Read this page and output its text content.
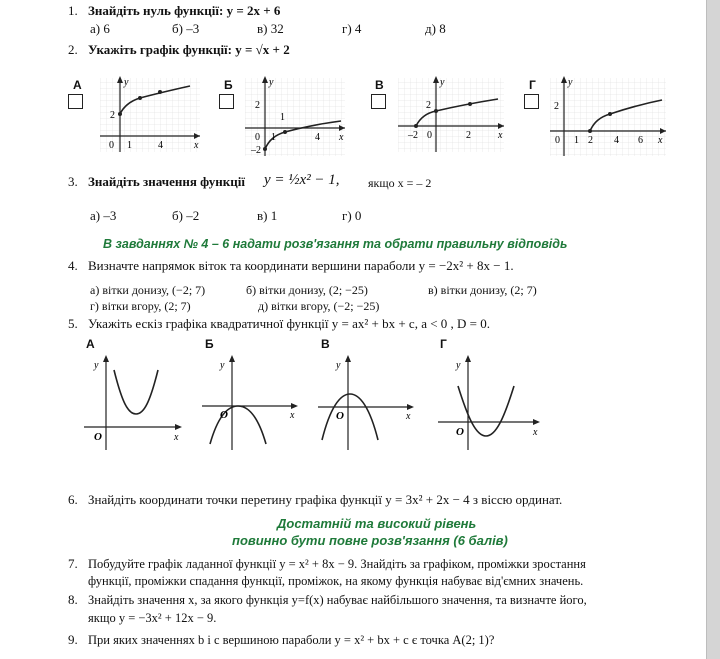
1. Знайдіть нуль функції: y = 2x + 6
а) 6	б) –3	в) 32	г) 4	д) 8
2. Укажіть графік функції: y = √x + 2
А	y
x
0 1	4
2
Б	y
x
0 1	4
2
1
–2
В	y
x
0
–2	2
2
Г	y
x
0 1 2 4 6
2
3. Знайдіть значення функції y = ½x² − 1, якщо x = – 2
а) –3	б) –2	в) 1	г) 0
В завданнях № 4 – 6 надати розв'язання та обрати правильну відповідь
4. Визначте напрямок віток та координати вершини параболи y = −2x² + 8x − 1.
а) вітки донизу, (−2; 7)	б) вітки донизу, (2; −25)	в) вітки донизу, (2; 7)
г) вітки вгору, (2; 7)	д) вітки вгору, (−2; −25)
5. Укажіть ескіз графіка квадратичної функції y = ax² + bx + c, a < 0 , D = 0.
А
y
x
O
Б
y
x
O
В
y
x
O
Г
y
x
O
6. Знайдіть координати точки перетину графіка функції y = 3x² + 2x − 4 з віссю ординат.
Достатній та високий рівень
повинно бути повне розв'язання (6 балів)
7. Побудуйте графік ладанної функції y = x² + 8x − 9. Знайдіть за графіком, проміжки зростання
функції, проміжки спадання функції, проміжок, на якому функція набуває від'ємних значень.
8. Знайдіть значення x, за якого функція y=f(x) набуває найбільшого значення, та визначте його,
якщо y = −3x² + 12x − 9.
9. При яких значеннях b і c вершиною параболи y = x² + bx + c є точка А(2; 1)?
